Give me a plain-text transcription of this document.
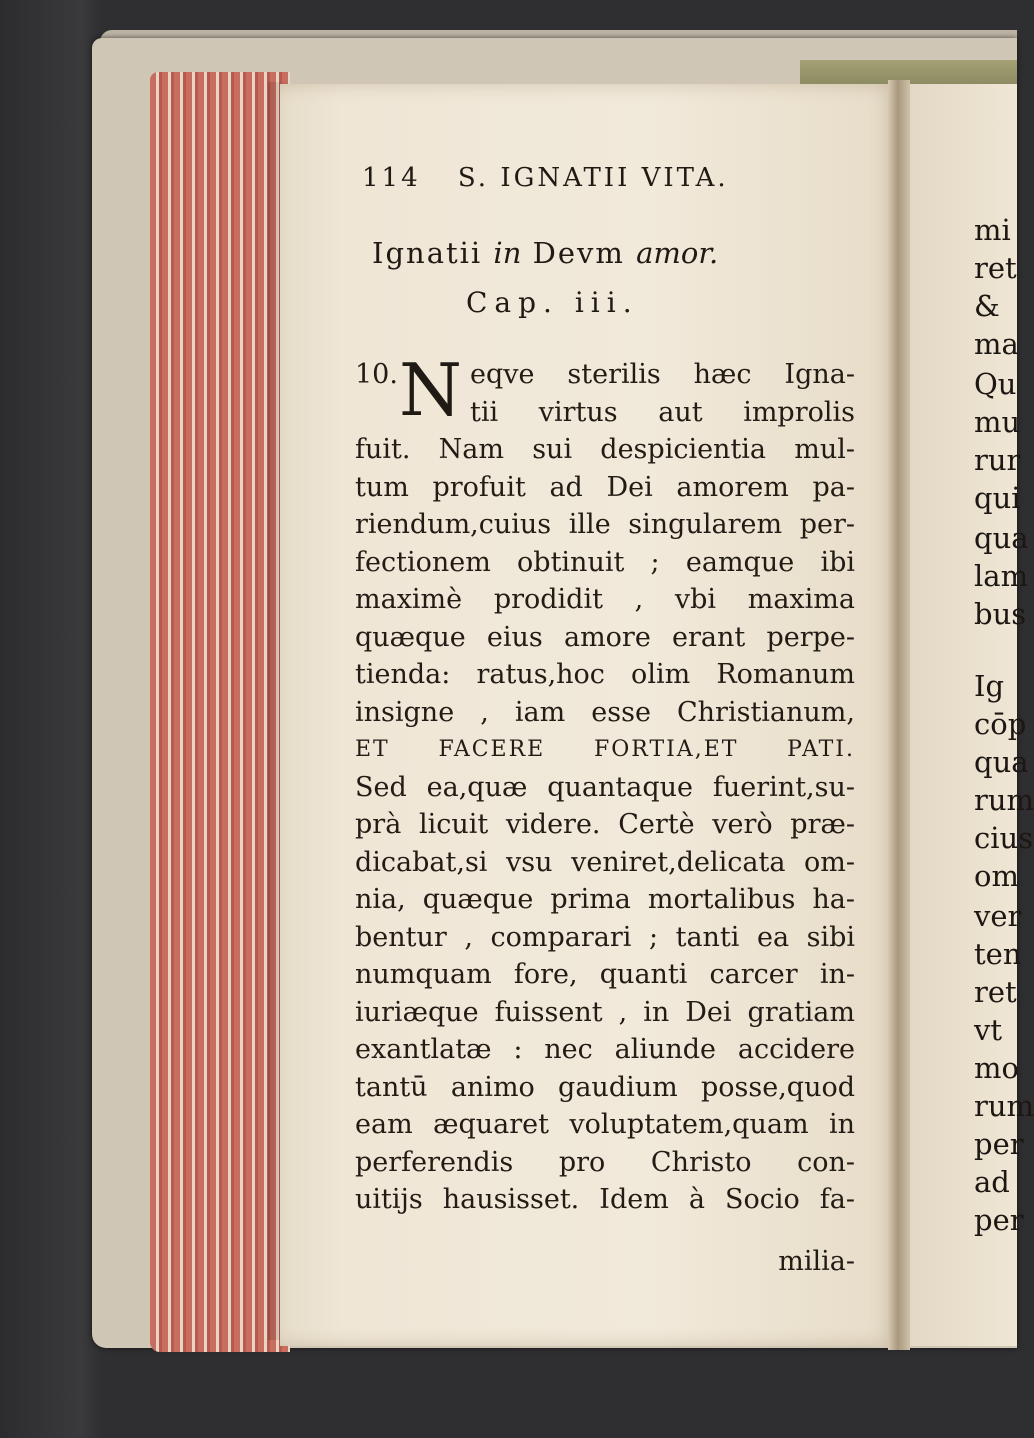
114 S. IGNATII VITA.
Ignatii in Devm amor.
Cap. iii.
N eqve sterilis hæc Igna-
tii virtus aut improlis
fuit. Nam sui despicientia mul-
tum profuit ad Dei amorem pa-
riendum,cuius ille singularem per-
fectionem obtinuit ; eamque ibi
maximè prodidit , vbi maxima
quæque eius amore erant perpe-
tienda: ratus,hoc olim Romanum
insigne , iam esse Christianum,
ET FACERE FORTIA,ET PATI.
Sed ea,quæ quantaque fuerint,su-
prà licuit videre. Certè verò præ-
dicabat,si vsu veniret,delicata om-
nia, quæque prima mortalibus ha-
bentur , comparari ; tanti ea sibi
numquam fore, quanti carcer in-
iuriæque fuissent , in Dei gratiam
exantlatæ : nec aliunde accidere
tantū animo gaudium posse,quod
eam æquaret voluptatem,quam in
perferendis pro Christo con-
uitijs hausisset. Idem à Socio fa-
10.
milia-
mi
ret
&
ma
Qu
mu
rur
qui
qua
lam
bus
Ig
cōp
qua
rum
cius
om
ver
ten
ret
vt
mo
rum
per
ad
per
